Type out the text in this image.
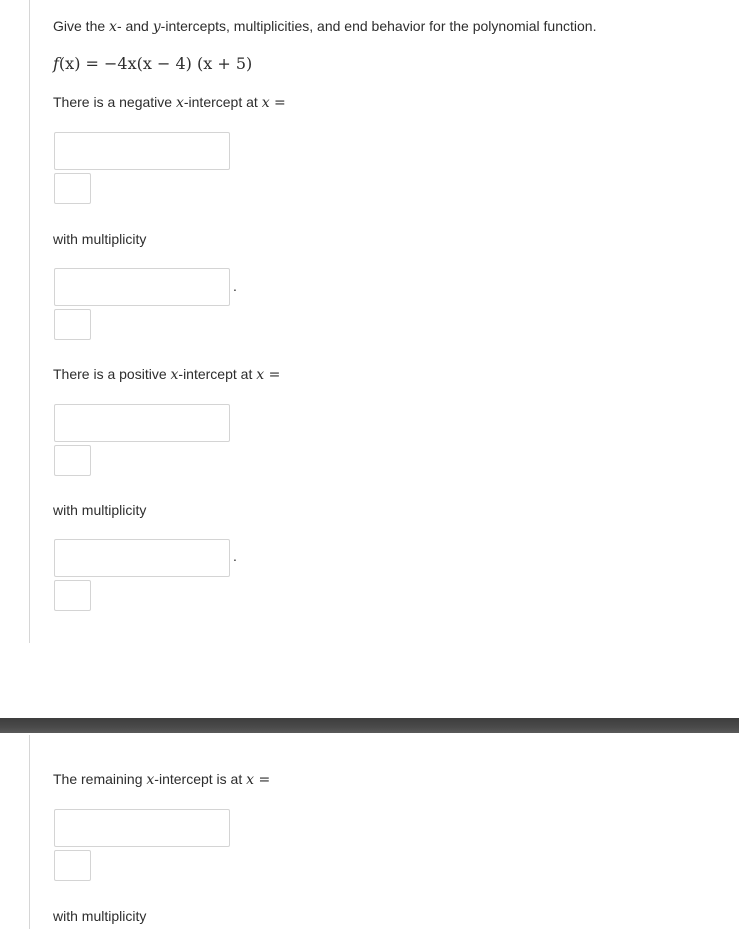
Give the x- and y-intercepts, multiplicities, and end behavior for the polynomial function.
f(x) = −4x(x − 4) (x + 5)
There is a negative x-intercept at x =
with multiplicity
.
There is a positive x-intercept at x =
with multiplicity
.
The remaining x-intercept is at x =
with multiplicity
